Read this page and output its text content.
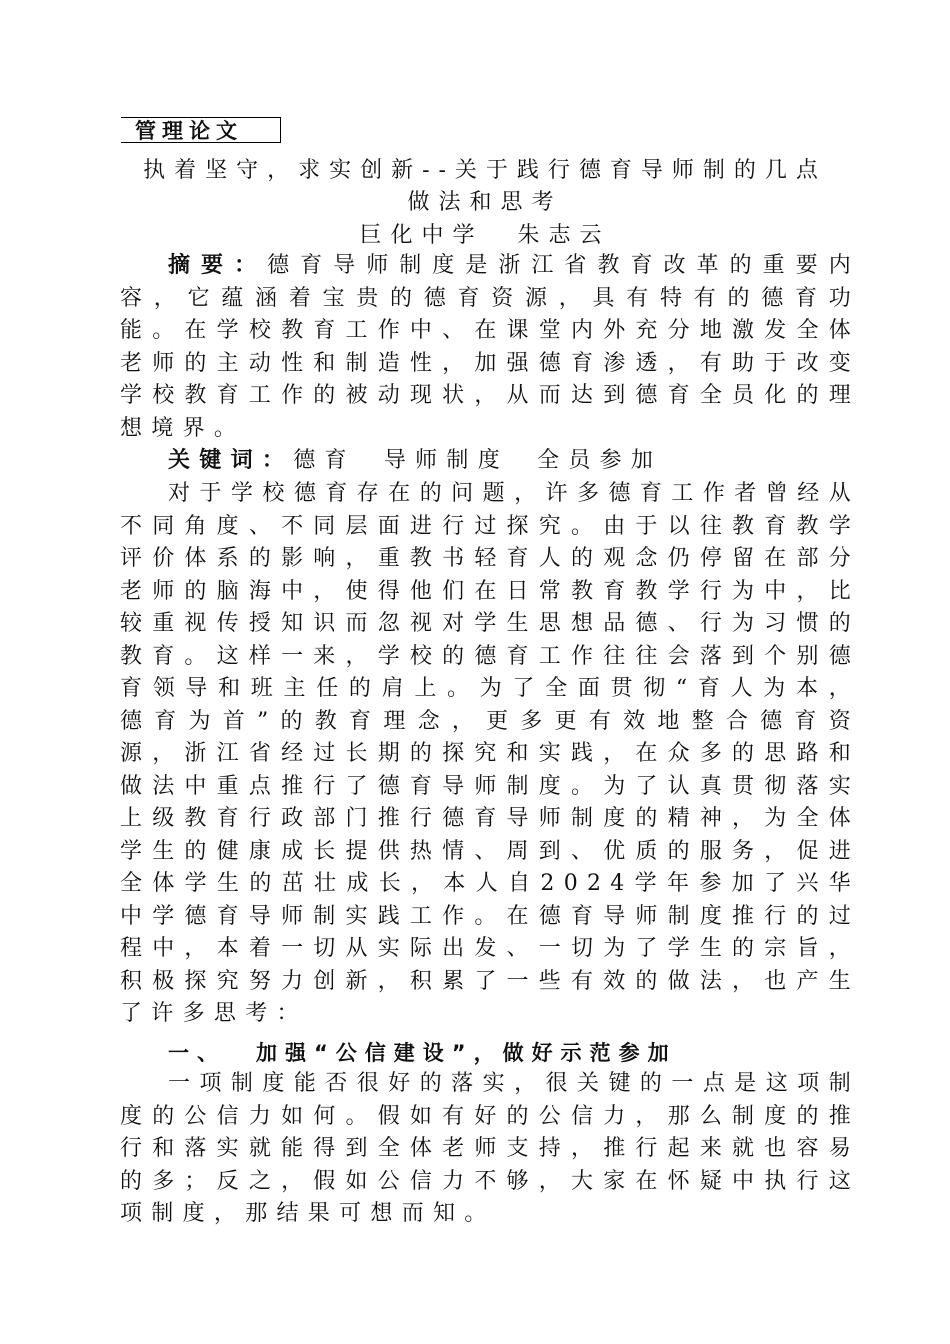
管理论文
执着坚守，求实创新--关于践行德育导师制的几点
做法和思考
巨化中学 朱志云
摘要：德育导师制度是浙江省教育改革的重要内容，它蕴涵着宝贵的德育资源，具有特有的德育功能。在学校教育工作中、在课堂内外充分地激发全体老师的主动性和制造性，加强德育渗透，有助于改变学校教育工作的被动现状，从而达到德育全员化的理想境界。
关键词：德育 导师制度 全员参加
对于学校德育存在的问题，许多德育工作者曾经从不同角度、不同层面进行过探究。由于以往教育教学评价体系的影响，重教书轻育人的观念仍停留在部分老师的脑海中，使得他们在日常教育教学行为中，比较重视传授知识而忽视对学生思想品德、行为习惯的教育。这样一来，学校的德育工作往往会落到个别德育领导和班主任的肩上。为了全面贯彻“育人为本，德育为首”的教育理念，更多更有效地整合德育资源，浙江省经过长期的探究和实践，在众多的思路和做法中重点推行了德育导师制度。为了认真贯彻落实上级教育行政部门推行德育导师制度的精神，为全体学生的健康成长提供热情、周到、优质的服务，促进全体学生的茁壮成长，本人自2024学年参加了兴华中学德育导师制实践工作。在德育导师制度推行的过程中，本着一切从实际出发、一切为了学生的宗旨，积极探究努力创新，积累了一些有效的做法，也产生了许多思考：
一、 加强“公信建设”，做好示范参加
一项制度能否很好的落实，很关键的一点是这项制度的公信力如何。假如有好的公信力，那么制度的推行和落实就能得到全体老师支持，推行起来就也容易的多；反之，假如公信力不够，大家在怀疑中执行这项制度，那结果可想而知。
